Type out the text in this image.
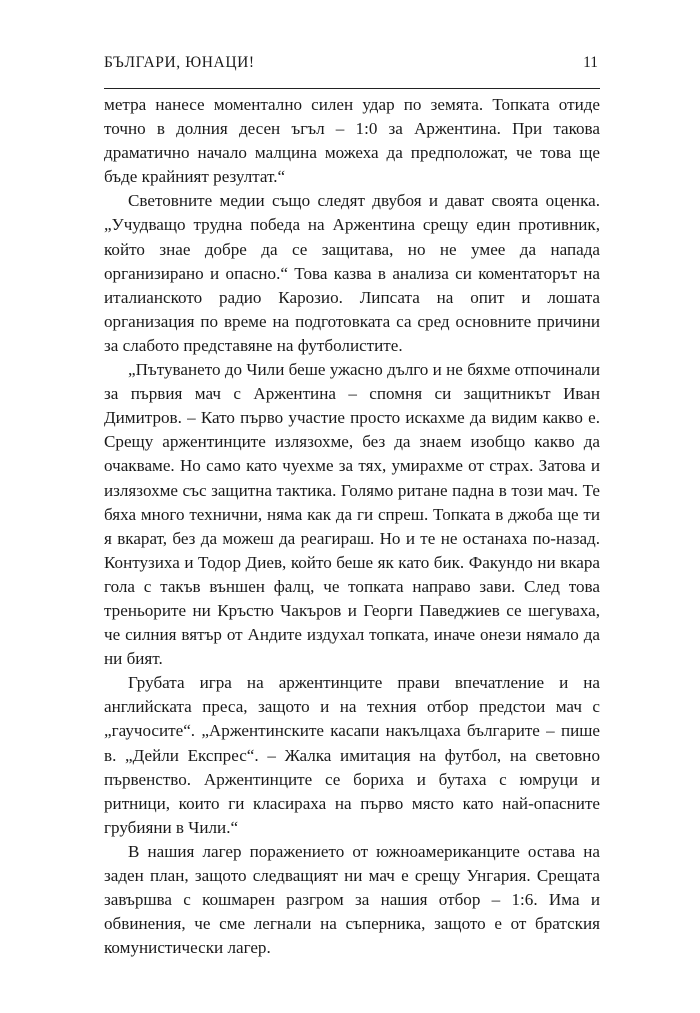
БЪЛГАРИ, ЮНАЦИ!	11

метра нанесе моментално силен удар по земята. Топката отиде точно в долния десен ъгъл – 1:0 за Аржентина. При такова драматично начало малцина можеха да предположат, че това ще бъде крайният резултат.“

Световните медии също следят двубоя и дават своята оценка. „Учудващо трудна победа на Аржентина срещу един противник, който знае добре да се защитава, но не умее да напада организирано и опасно.“ Това казва в анализа си коментаторът на италианското радио Карозио. Липсата на опит и лошата организация по време на подготовката са сред основните причини за слабото представяне на футболистите.

„Пътуването до Чили беше ужасно дълго и не бяхме отпочинали за първия мач с Аржентина – спомня си защитникът Иван Димитров. – Като първо участие просто искахме да видим какво е. Срещу аржентинците излязохме, без да знаем изобщо какво да очакваме. Но само като чуехме за тях, умирахме от страх. Затова и излязохме със защитна тактика. Голямо ритане падна в този мач. Те бяха много технични, няма как да ги спреш. Топката в джоба ще ти я вкарат, без да можеш да реагираш. Но и те не останаха по-назад. Контузиха и Тодор Диев, който беше як като бик. Факундо ни вкара гола с такъв външен фалц, че топката направо зави. След това треньорите ни Кръстю Чакъров и Георги Паведжиев се шегуваха, че силния вятър от Андите издухал топката, иначе онези нямало да ни бият.

Грубата игра на аржентинците прави впечатление и на английската преса, защото и на техния отбор предстои мач с „гаучосите“. „Аржентинските касапи накълцаха българите – пише в. „Дейли Експрес“. – Жалка имитация на футбол, на световно първенство. Аржентинците се бориха и бутаха с юмруци и ритници, които ги класираха на първо място като най-опасните грубияни в Чили.“

В нашия лагер поражението от южноамериканците остава на заден план, защото следващият ни мач е срещу Унгария. Срещата завършва с кошмарен разгром за нашия отбор – 1:6. Има и обвинения, че сме легнали на съперника, защото е от братския комунистически лагер.
